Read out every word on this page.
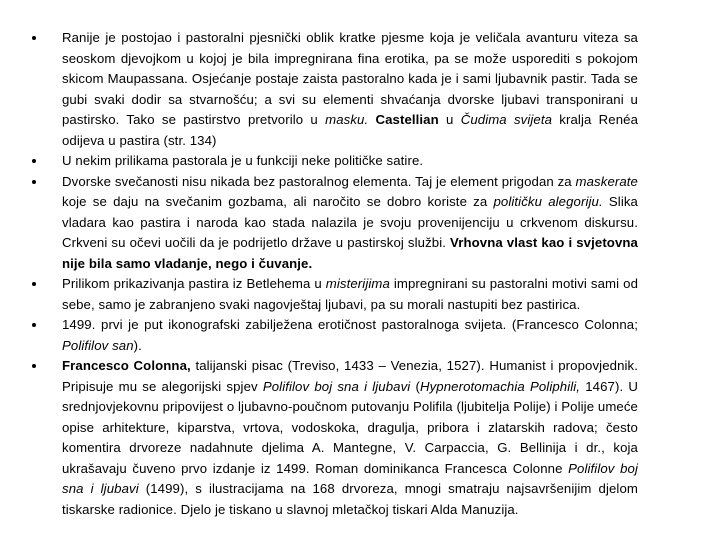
Ranije je postojao i pastoralni pjesnički oblik kratke pjesme koja je veličala avanturu viteza sa seoskom djevojkom u kojoj je bila impregnirana fina erotika, pa se može usporediti s pokojom skicom Maupassana. Osjećanje postaje zaista pastoralno kada je i sami ljubavnik pastir. Tada se gubi svaki dodir sa stvarnošću; a svi su elementi shvaćanja dvorske ljubavi transponirani u pastirsko. Tako se pastirstvo pretvorilo u masku. Castellian u Čudima svijeta kralja Renéa odijeva u pastira (str. 134)
U nekim prilikama pastorala je u funkciji neke političke satire.
Dvorske svečanosti nisu nikada bez pastoralnog elementa. Taj je element prigodan za maskerate koje se daju na svečanim gozbama, ali naročito se dobro koriste za političku alegoriju. Slika vladara kao pastira i naroda kao stada nalazila je svoju provenijenciju u crkvenom diskursu. Crkveni su očevi uočili da je podrijetlo države u pastirskoj službi. Vrhovna vlast kao i svjetovna nije bila samo vladanje, nego i čuvanje.
Prilikom prikazivanja pastira iz Betlehema u misterijima impregnirani su pastoralni motivi sami od sebe, samo je zabranjeno svaki nagovještaj ljubavi, pa su morali nastupiti bez pastirica.
1499. prvi je put ikonografski zabilježena erotičnost pastoralnoga svijeta. (Francesco Colonna; Polifilov san).
Francesco Colonna, talijanski pisac (Treviso, 1433 – Venezia, 1527). Humanist i propovjednik. Pripisuje mu se alegorijski spjev Polifilov boj sna i ljubavi (Hypnerotomachia Poliphili, 1467). U srednjovjekovnu pripovijest o ljubavno-poučnom putovanju Polifila (ljubitelja Polije) i Polije umeće opise arhitekture, kiparstva, vrtova, vodoskoka, dragulja, pribora i zlatarskih radova; često komentira drvoreze nadahnute djelima A. Mantegne, V. Carpaccia, G. Bellinija i dr., koja ukrašavaju čuveno prvo izdanje iz 1499. Roman dominikanca Francesca Colonne Polifilov boj sna i ljubavi (1499), s ilustracijama na 168 drvoreza, mnogi smatraju najsavršenijim djelom tiskarske radionice. Djelo je tiskano u slavnoj mletačkoj tiskari Alda Manuzija.
